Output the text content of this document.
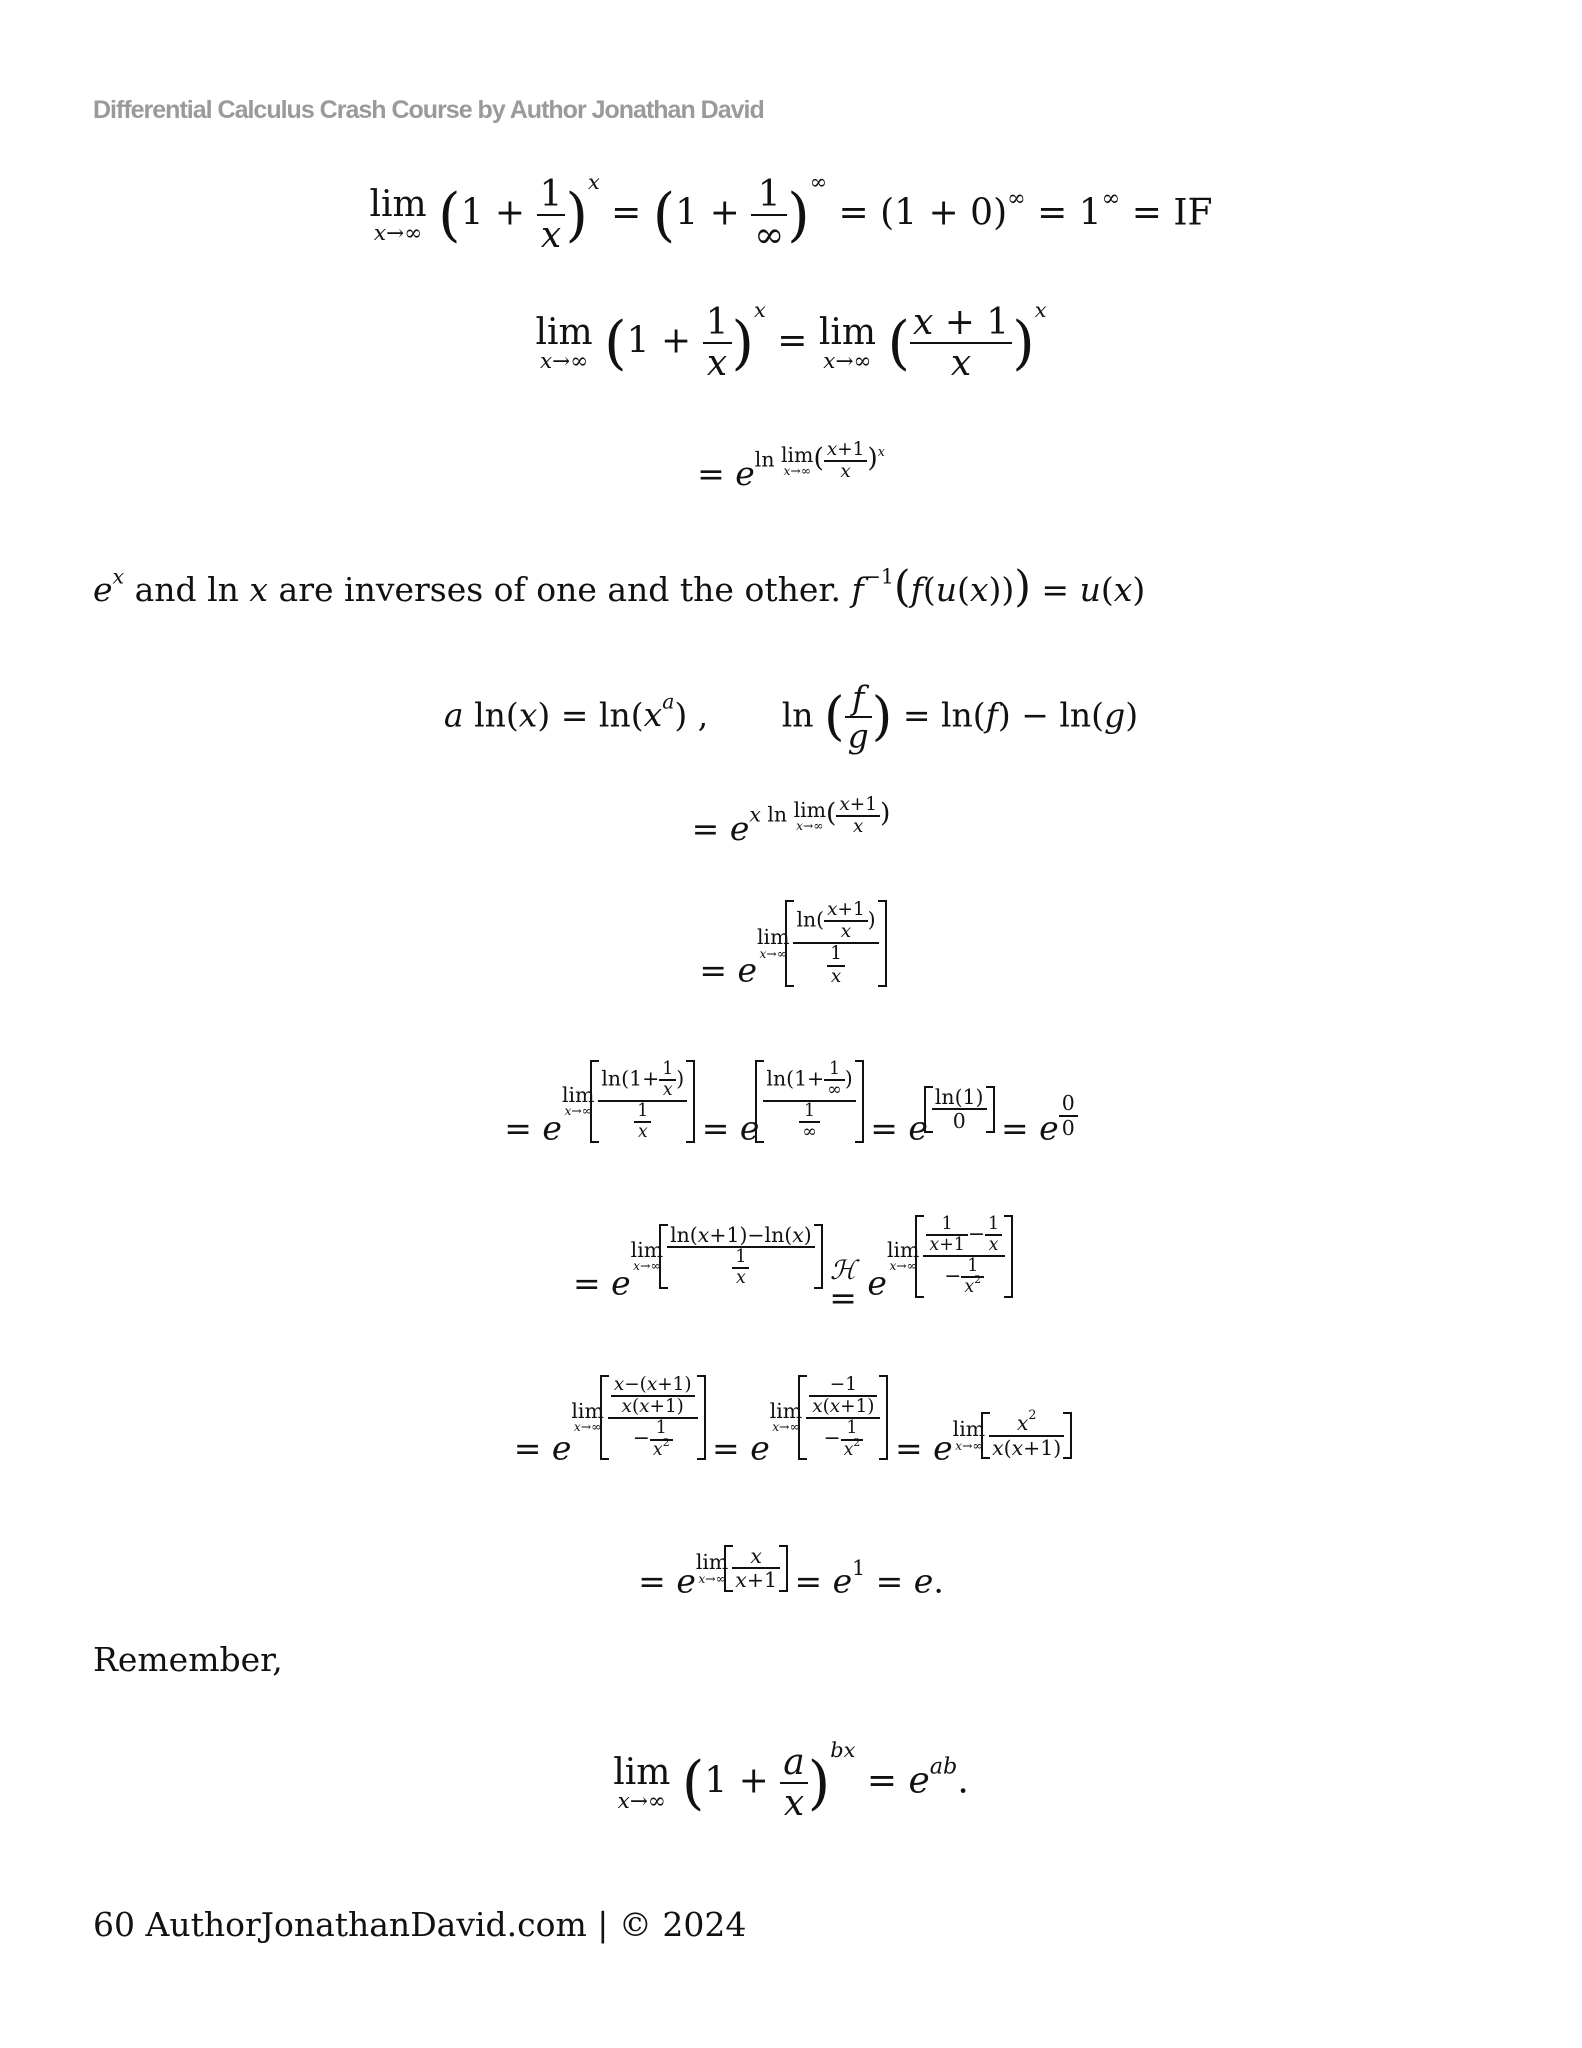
Differential Calculus Crash Course by Author Jonathan David
lim
x→∞ $(1 + \frac{1}{x} )x = (1 + \frac{1}{\infty}$ )∞ = (1 + 0)∞ = 1∞ = IF
lim
x→∞ $(1 + \frac{1}{x} )x = \lim$
x→∞ ( $\frac{x + 1}{x} )x$
= eln lim
x→∞ ( $\frac{x+1}{x} )^x$
$e^x$ and ln x are inverses of one and the other. $f^{-1}(f(u(x))) = u(x)$
a $\ln(x) = \ln(x^a)$ ,       ln ( $\frac{f}{g}$ ) = ln(f) − ln(g)
= ex ln lim
x→∞ ( $\frac{x+1}{x}$ )
= e
lim
$x\to\infty \frac{\ln( \frac{x+1}{x} )}{\frac{1}{x}}$
= e
lim
$x\to\infty \frac{\ln(1+ \frac{1}{x} )}{\frac{1}{x}} = e \frac{\ln(1+ \frac{1}{\infty} )}{\frac{1}{\infty}} = e \frac{\ln(1)}{0} = e \frac{0}{0}$
= e
lim
$x\to\infty \frac{\ln(x+1)-\ln(x)}{\frac{1}{x}}$
ℋ
= e
lim
$x\to\infty \frac{\frac{1}{x+1} - \frac{1}{x}}{- \frac{1}{x^2}}$
= e
lim
$x\to\infty \frac{\frac{x-(x+1)}{x(x+1)}}{- \frac{1}{x^2}} = e$
lim
$x\to\infty \frac{\frac{-1}{x(x+1)}}{- \frac{1}{x^2}} = e$ lim
$x\to\infty \frac{x^2}{x(x+1)}$
= e lim
$x\to\infty \frac{x}{x+1} = e^1 = e$.
Remember,
lim
x→∞ $(1 + \frac{a}{x} )bx = e^{ab}$.
60 AuthorJonathanDavid.com | © 2024
